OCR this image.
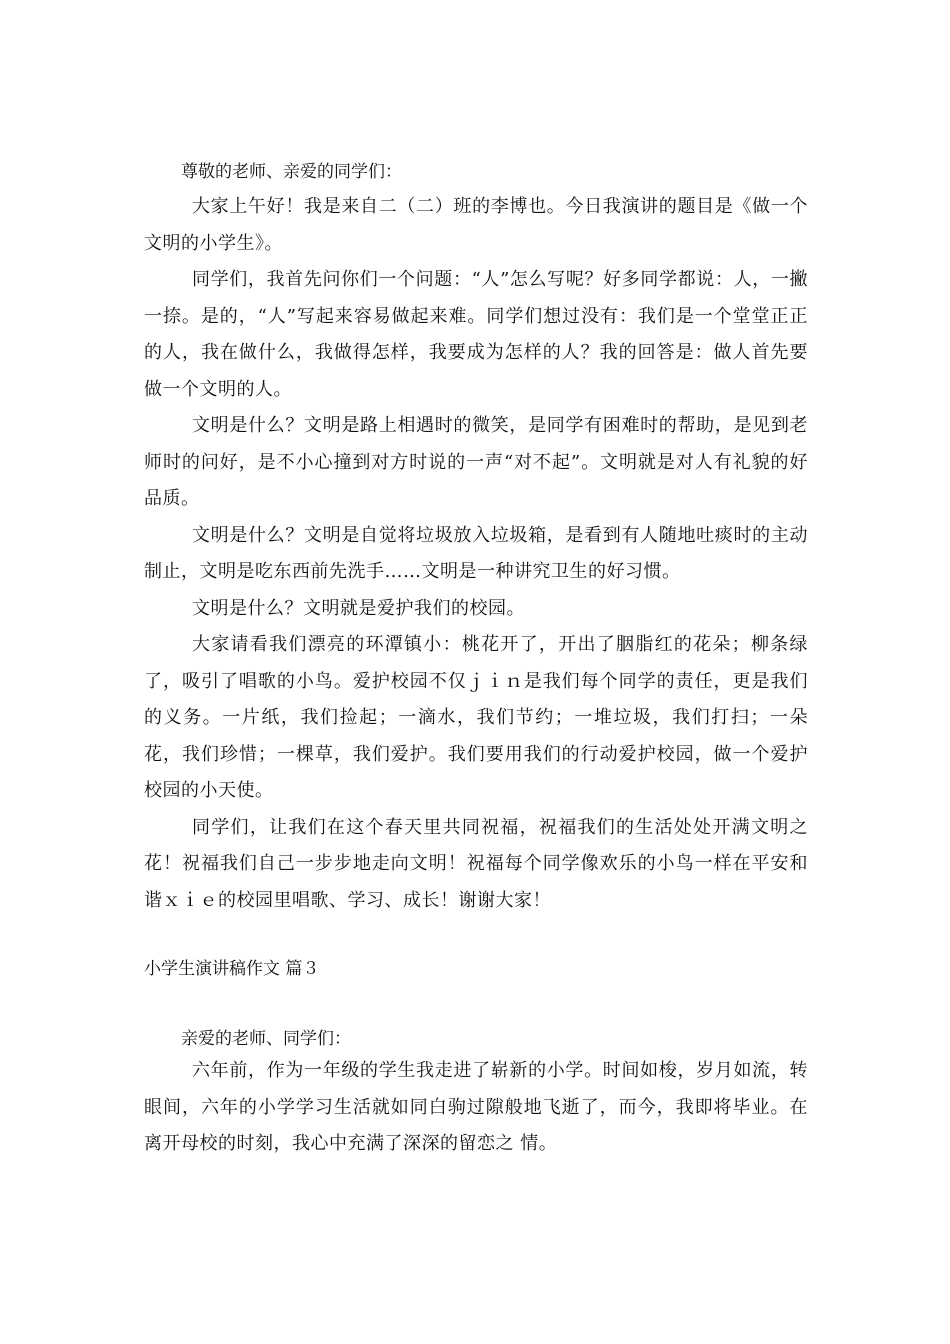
尊敬的老师、亲爱的同学们：

大家上午好！我是来自二（二）班的李博也。今日我演讲的题目是《做一个文明的小学生》。

同学们，我首先问你们一个问题：“人”怎么写呢？好多同学都说：人，一撇一捺。是的，“人”写起来容易做起来难。同学们想过没有：我们是一个堂堂正正的人，我在做什么，我做得怎样，我要成为怎样的人？我的回答是：做人首先要做一个文明的人。

文明是什么？文明是路上相遇时的微笑，是同学有困难时的帮助，是见到老师时的问好，是不小心撞到对方时说的一声“对不起”。文明就是对人有礼貌的好品质。

文明是什么？文明是自觉将垃圾放入垃圾箱，是看到有人随地吐痰时的主动制止，文明是吃东西前先洗手……文明是一种讲究卫生的好习惯。

文明是什么？文明就是爱护我们的校园。

大家请看我们漂亮的环潭镇小：桃花开了，开出了胭脂红的花朵；柳条绿了，吸引了唱歌的小鸟。爱护校园不仅ｊｉｎ是我们每个同学的责任，更是我们的义务。一片纸，我们捡起；一滴水，我们节约；一堆垃圾，我们打扫；一朵花，我们珍惜；一棵草，我们爱护。我们要用我们的行动爱护校园，做一个爱护校园的小天使。

同学们，让我们在这个春天里共同祝福，祝福我们的生活处处开满文明之花！祝福我们自己一步步地走向文明！祝福每个同学像欢乐的小鸟一样在平安和谐ｘｉｅ的校园里唱歌、学习、成长！谢谢大家！

小学生演讲稿作文 篇３
亲爱的老师、同学们：

六年前，作为一年级的学生我走进了崭新的小学。时间如梭，岁月如流，转眼间，六年的小学学习生活就如同白驹过隙般地飞逝了，而今，我即将毕业。在离开母校的时刻，我心中充满了深深的留恋之 情。
